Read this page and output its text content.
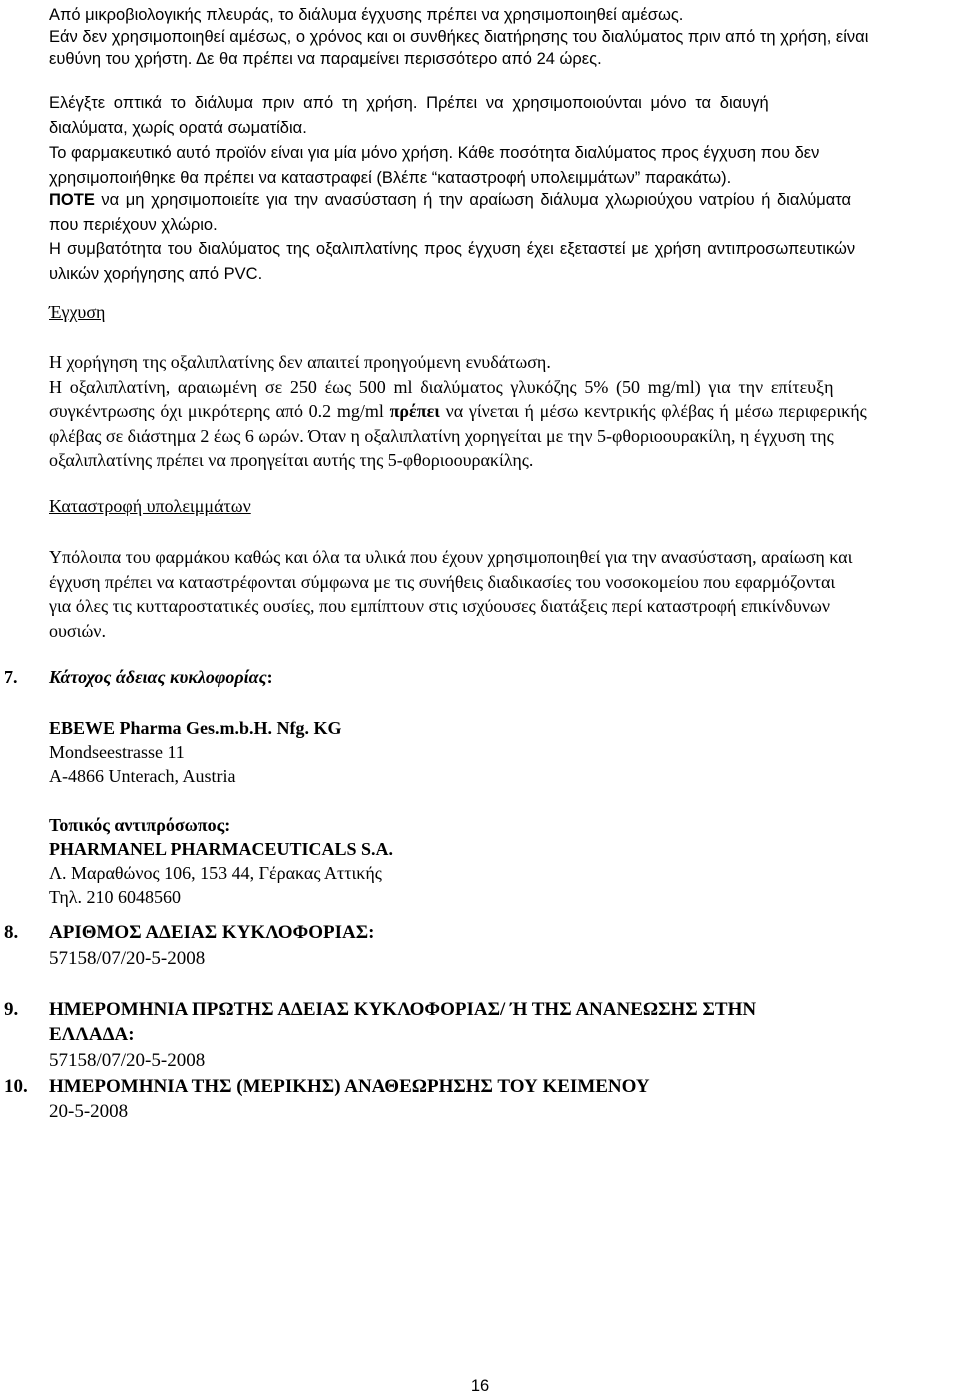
Από μικροβιολογικής πλευράς, το διάλυμα έγχυσης πρέπει να χρησιμοποιηθεί αμέσως.
Εάν δεν χρησιμοποιηθεί αμέσως, ο χρόνος και οι συνθήκες διατήρησης του διαλύματος πριν από τη χρήση, είναι
ευθύνη του χρήστη. Δε θα πρέπει να παραμείνει περισσότερο από 24 ώρες.
Ελέγξτε οπτικά το διάλυμα πριν από τη χρήση. Πρέπει να χρησιμοποιούνται μόνο τα διαυγή
διαλύματα, χωρίς ορατά σωματίδια.
Το φαρμακευτικό αυτό προϊόν είναι για μία μόνο χρήση. Κάθε ποσότητα διαλύματος προς έγχυση που δεν
χρησιμοποιήθηκε θα πρέπει να καταστραφεί (Βλέπε “καταστροφή υπολειμμάτων” παρακάτω).
ΠΟΤΕ να μη χρησιμοποιείτε για την ανασύσταση ή την αραίωση διάλυμα χλωριούχου νατρίου ή διαλύματα
που περιέχουν χλώριο.
Η συμβατότητα του διαλύματος της οξαλιπλατίνης προς έγχυση έχει εξεταστεί με χρήση αντιπροσωπευτικών
υλικών χορήγησης από PVC.
Έγχυση
Η χορήγηση της οξαλιπλατίνης δεν απαιτεί προηγούμενη ενυδάτωση.
Η οξαλιπλατίνη, αραιωμένη σε 250 έως 500 ml διαλύματος γλυκόζης 5% (50 mg/ml) για την επίτευξη
συγκέντρωσης όχι μικρότερης από 0.2 mg/ml πρέπει να γίνεται ή μέσω κεντρικής φλέβας ή μέσω περιφερικής
φλέβας σε διάστημα 2 έως 6 ωρών. Όταν η οξαλιπλατίνη χορηγείται με την 5-φθοριοουρακίλη, η έγχυση της
οξαλιπλατίνης πρέπει να προηγείται αυτής της 5-φθοριοουρακίλης.
Καταστροφή υπολειμμάτων
Υπόλοιπα του φαρμάκου καθώς και όλα τα υλικά που έχουν χρησιμοποιηθεί για την ανασύσταση, αραίωση και
έγχυση πρέπει να καταστρέφονται σύμφωνα με τις συνήθεις διαδικασίες του νοσοκομείου που εφαρμόζονται
για όλες τις κυτταροστατικές ουσίες, που εμπίπτουν στις ισχύουσες διατάξεις περί καταστροφή επικίνδυνων
ουσιών.
7. Κάτοχος άδειας κυκλοφορίας:
EBEWE Pharma Ges.m.b.H. Nfg. KG
Mondseestrasse 11
A-4866 Unterach, Austria
Τοπικός αντιπρόσωπος:
PHARMANEL PHARMACEUTICALS S.A.
Λ. Μαραθώνος 106, 153 44, Γέρακας Αττικής
Τηλ. 210 6048560
8. ΑΡΙΘΜΟΣ ΑΔΕΙΑΣ ΚΥΚΛΟΦΟΡΙΑΣ:
57158/07/20-5-2008
9. ΗΜΕΡΟΜΗΝΙΑ ΠΡΩΤΗΣ ΑΔΕΙΑΣ ΚΥΚΛΟΦΟΡΙΑΣ/ Ή ΤΗΣ ΑΝΑΝΕΩΣΗΣ ΣΤΗΝ
ΕΛΛΑΔΑ:
57158/07/20-5-2008
10. ΗΜΕΡΟΜΗΝΙΑ ΤΗΣ (ΜΕΡΙΚΗΣ) ΑΝΑΘΕΩΡΗΣΗΣ ΤΟΥ ΚΕΙΜΕΝΟΥ
20-5-2008
16
